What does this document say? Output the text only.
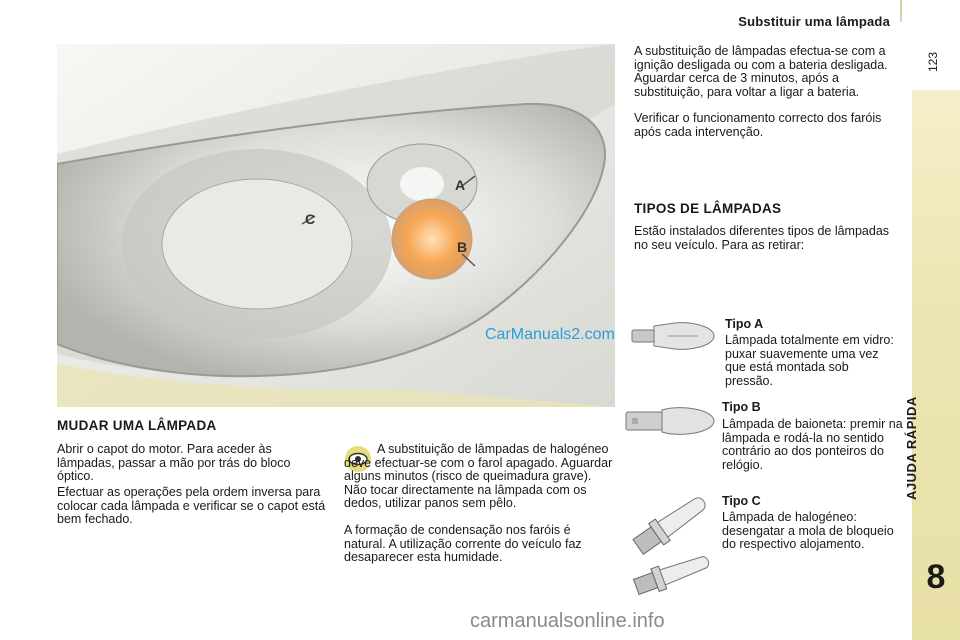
Substituir uma lâmpada
123
AJUDA RÁPIDA
8
A
B
C
CarManuals2.com
A substituição de lâmpadas efectua-se com a ignição desligada ou com a bateria desligada. Aguardar cerca de 3 minutos, após a substituição, para voltar a ligar a bateria.
Verificar o funcionamento correcto dos faróis após cada intervenção.
TIPOS DE LÂMPADAS
Estão instalados diferentes tipos de lâmpadas no seu veículo. Para as retirar:
Tipo A
Lâmpada totalmente em vidro: puxar suavemente uma vez que está montada sob pressão.
Tipo B
Lâmpada de baioneta: premir na lâmpada e rodá-la no sentido contrário ao dos ponteiros do relógio.
Tipo C
Lâmpada de halogéneo: desengatar a mola de bloqueio do respectivo alojamento.
MUDAR UMA LÂMPADA
Abrir o capot do motor. Para aceder às lâmpadas, passar a mão por trás do bloco óptico.
Efectuar as operações pela ordem inversa para colocar cada lâmpada e verificar se o capot está bem fechado.
A substituição de lâmpadas de halogéneo deve efectuar-se com o farol apagado. Aguardar alguns minutos (risco de queimadura grave). Não tocar directamente na lâmpada com os dedos, utilizar panos sem pêlo.
A formação de condensação nos faróis é natural. A utilização corrente do veículo faz desaparecer esta humidade.
carmanualsonline.info
